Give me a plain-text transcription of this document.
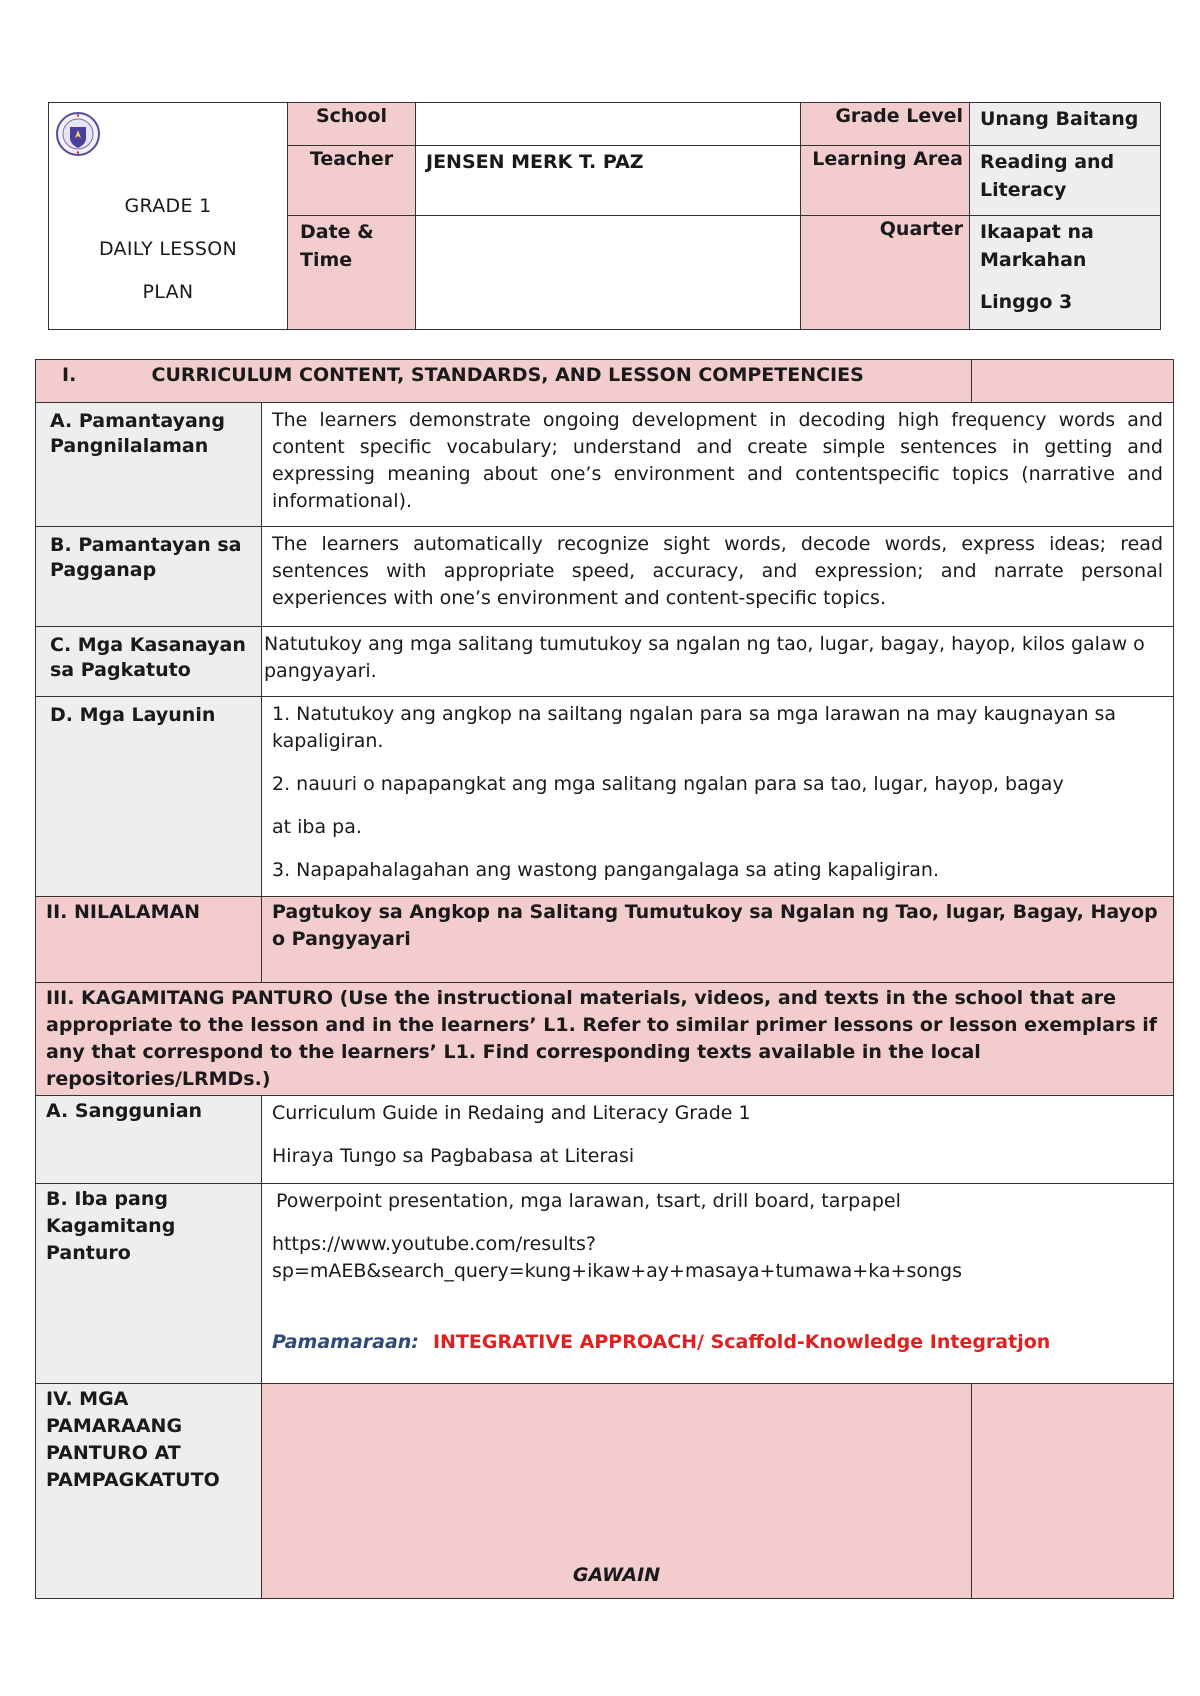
GRADE 1
DAILY LESSON
PLAN	School		Grade Level	Unang Baitang
	Teacher	JENSEN MERK T. PAZ	Learning Area	Reading and Literacy
	Date & Time		Quarter	Ikaapat na Markahan
Linggo 3
I. CURRICULUM CONTENT, STANDARDS, AND LESSON COMPETENCIES		
A. Pamantayang Pangnilalaman	The learners demonstrate ongoing development in decoding high frequency words and content specific vocabulary; understand and create simple sentences in getting and expressing meaning about one’s environment and contentspecific topics (narrative and informational).	
B. Pamantayan sa Pagganap	The learners automatically recognize sight words, decode words, express ideas; read sentences with appropriate speed, accuracy, and expression; and narrate personal experiences with one’s environment and content-specific topics.	
C. Mga Kasanayan sa Pagkatuto	Natutukoy ang mga salitang tumutukoy sa ngalan ng tao, lugar, bagay, hayop, kilos galaw o pangyayari.	
D. Mga Layunin	1. Natutukoy ang angkop na sailtang ngalan para sa mga larawan na may kaugnayan sa kapaligiran.

2. nauuri o napapangkat ang mga salitang ngalan para sa tao, lugar, hayop, bagay

at iba pa.

3. Napapahalagahan ang wastong pangangalaga sa ating kapaligiran.	

II. NILALAMAN	Pagtukoy sa Angkop na Salitang Tumutukoy sa Ngalan ng Tao, lugar, Bagay, Hayop o Pangyayari	
III. KAGAMITANG PANTURO (Use the instructional materials, videos, and texts in the school that are appropriate to the lesson and in the learners’ L1. Refer to similar primer lessons or lesson exemplars if any that correspond to the learners’ L1. Find corresponding texts available in the local repositories/LRMDs.)		
A. Sanggunian	Curriculum Guide in Redaing and Literacy Grade 1

Hiraya Tungo sa Pagbabasa at Literasi	

B. Iba pang Kagamitang Panturo	Powerpoint presentation, mga larawan, tsart, drill board, tarpapel

https://www.youtube.com/results?

sp=mAEB&search_query=kung+ikaw+ay+masaya+tumawa+ka+songs

Pamamaraan: INTEGRATIVE APPROACH/ Scaffold-Knowledge Integratjon	

IV. MGA PAMARAANG PANTURO AT PAMPAGKATUTO	GAWAIN	
